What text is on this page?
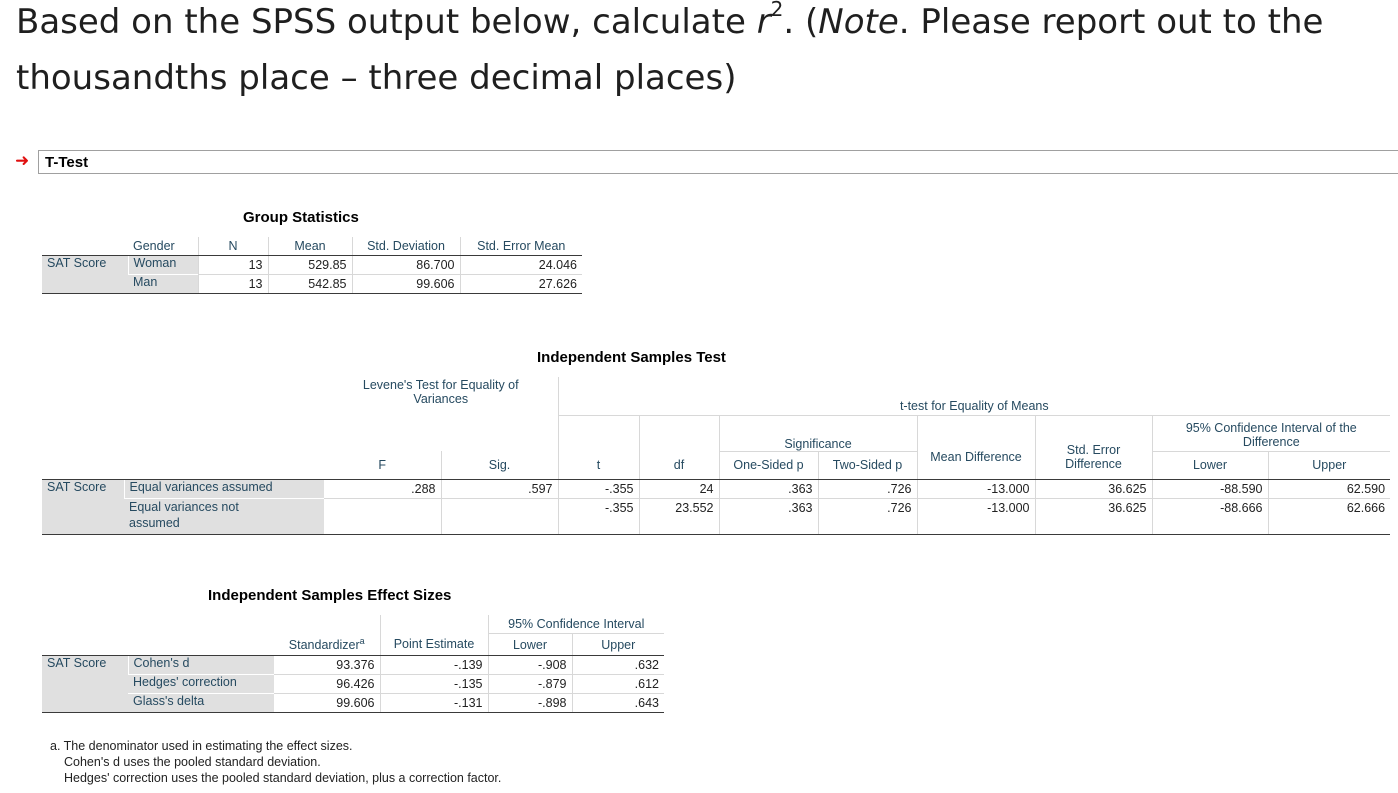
Based on the SPSS output below, calculate $r^2$. (Note. Please report out to the
thousandths place – three decimal places)
➜ T-Test
Group Statistics
	Gender	N	Mean	Std. Deviation	Std. Error Mean
SAT Score	Woman	13	529.85	86.700	24.046
	Man	13	542.85	99.606	27.626
Independent Samples Test
		Levene's Test for Equality of Variances		t-test for Equality of Means							
						Significance				95% Confidence Interval of the Difference	
		F	Sig.	t	df	One-Sided p	Two-Sided p	Mean Difference	Std. Error Difference	Lower	Upper
SAT Score	Equal variances assumed	.288	.597	-.355	24	.363	.726	-13.000	36.625	-88.590	62.590
	Equal variances not assumed			-.355	23.552	.363	.726	-13.000	36.625	-88.666	62.666
Independent Samples Effect Sizes
				95% Confidence Interval	
		Standardizer$^a$	Point Estimate	Lower	Upper
SAT Score	Cohen's d	93.376	-.139	-.908	.632
	Hedges' correction	96.426	-.135	-.879	.612
	Glass's delta	99.606	-.131	-.898	.643
a. The denominator used in estimating the effect sizes.
Cohen's d uses the pooled standard deviation.
Hedges' correction uses the pooled standard deviation, plus a correction factor.
